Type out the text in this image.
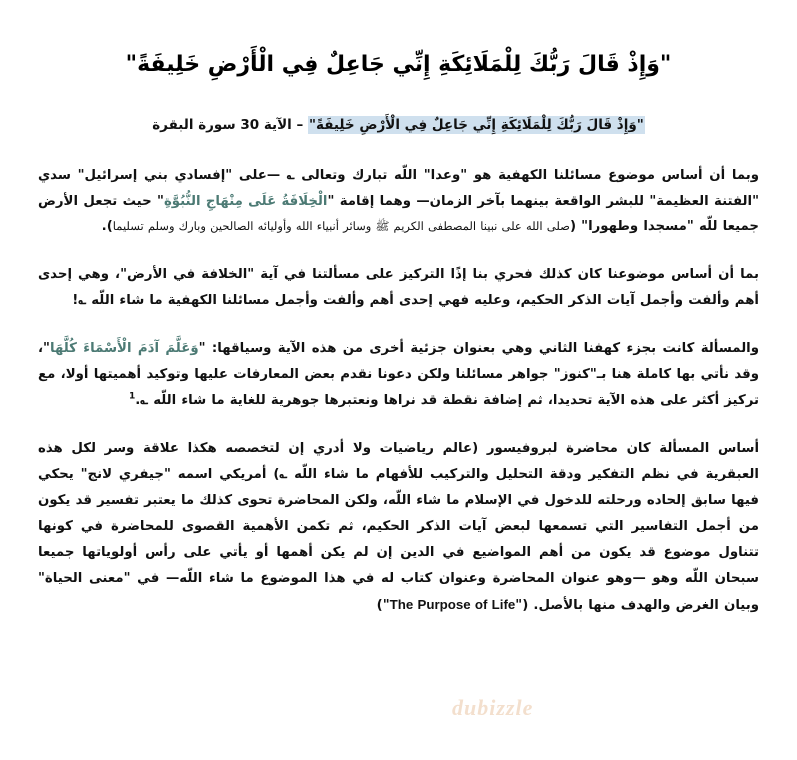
"وَإِذْ قَالَ رَبُّكَ لِلْمَلَائِكَةِ إِنِّي جَاعِلٌ فِي الْأَرْضِ خَلِيفَةً"
"وَإِذْ قَالَ رَبُّكَ لِلْمَلَائِكَةِ إِنِّي جَاعِلٌ فِي الْأَرْضِ خَلِيفَةً" – الآية 30 سورة البقرة

وبما أن أساس موضوع مسائلنا الكهفية هو "وعدا" اللّه تبارك وتعالى ؎ —على "إفسادي بني إسرائيل" سدي "الفتنة العظيمة" للبشر الواقعة بينهما بآخر الزمان— وهما إقامة "الْخِلَافَةُ عَلَى مِنْهَاجِ النُّبُوَّةِ" حيث تجعل الأرض جميعا للّه "مسجدا وطهورا" (صلى الله على نبينا المصطفى الكريم ﷺ وسائر أنبياء الله وأوليائه الصالحين وبارك وسلم تسليما).

بما أن أساس موضوعنا كان كذلك فحري بنا إذًا التركيز على مسألتنا في آية "الخلافة في الأرض"، وهي إحدى أهم وألفت وأجمل آيات الذكر الحكيم، وعليه فهي إحدى أهم وألفت وأجمل مسائلنا الكهفية ما شاء اللّه ؎!

والمسألة كانت بجزء كهفنا الثاني وهي بعنوان جزئية أخرى من هذه الآية وسياقها: "وَعَلَّمَ آدَمَ الْأَسْمَاءَ كُلَّهَا"، وقد نأتي بها كاملة هنا بـ"كنوز" جواهر مسائلنا ولكن دعونا نقدم بعض المعارفات عليها وتوكيد أهميتها أولا، مع تركيز أكثر على هذه الآية تحديدا، ثم إضافة نقطة قد نراها ونعتبرها جوهرية للغاية ما شاء اللّه ؎.$^1$

أساس المسألة كان محاضرة لبروفيسور (عالم رياضيات ولا أدري إن لتخصصه هكذا علاقة وسر لكل هذه العبقرية في نظم التفكير ودقة التحليل والتركيب للأفهام ما شاء اللّه ؎) أمريكي اسمه "جيفري لانج" يحكي فيها سابق إلحاده ورحلته للدخول في الإسلام ما شاء اللّه، ولكن المحاضرة تحوى كذلك ما يعتبر تفسير قد يكون من أجمل التفاسير التي تسمعها لبعض آيات الذكر الحكيم، ثم تكمن الأهمية القصوى للمحاضرة في كونها تتناول موضوع قد يكون من أهم المواضيع في الدين إن لم يكن أهمها أو يأتي على رأس أولوياتها جميعا سبحان اللّه وهو —وهو عنوان المحاضرة وعنوان كتاب له في هذا الموضوع ما شاء اللّه— في "معنى الحياة" وبيان الغرض والهدف منها بالأصل. ("The Purpose of Life")

dubizzle
